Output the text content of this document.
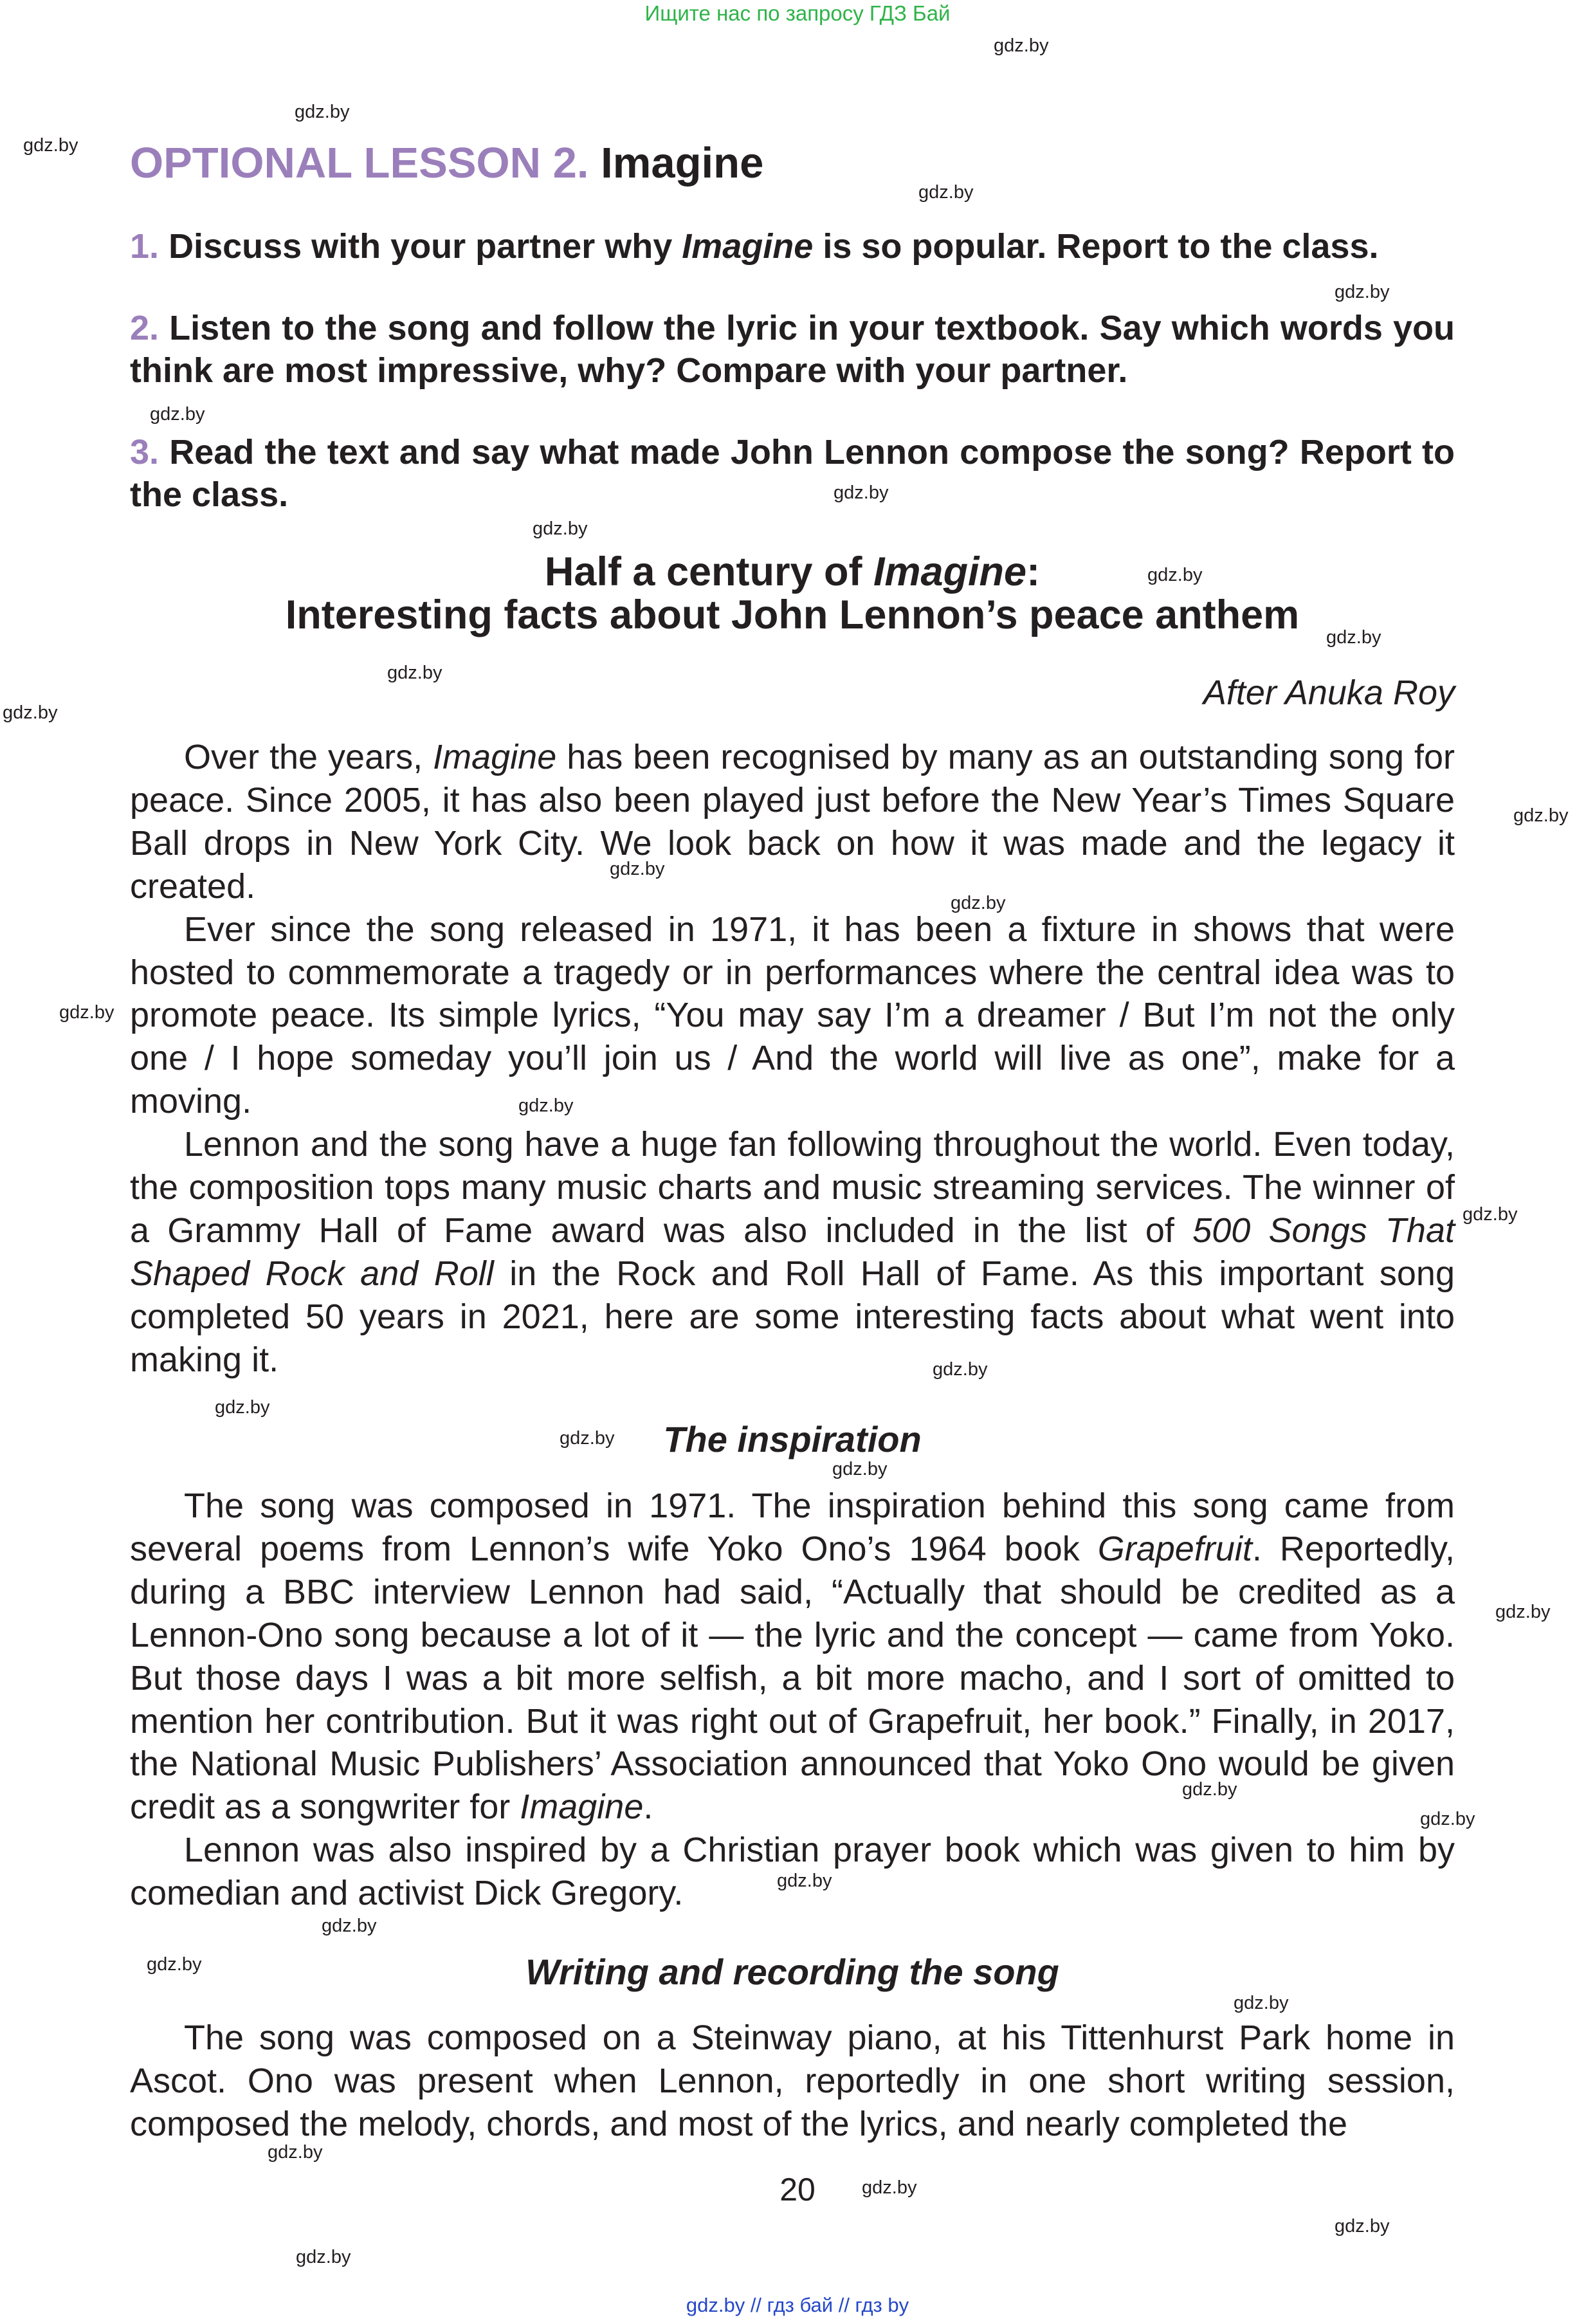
Ищите нас по запросу ГДЗ Бай
gdz.by
gdz.by
gdz.by
gdz.by
gdz.by
gdz.by
gdz.by
gdz.by
gdz.by
gdz.by
gdz.by
gdz.by
gdz.by
gdz.by
gdz.by
gdz.by
gdz.by
gdz.by
gdz.by
gdz.by
gdz.by
gdz.by
gdz.by
gdz.by
gdz.by
gdz.by
gdz.by
gdz.by
gdz.by
gdz.by
gdz.by
gdz.by
gdz.by
OPTIONAL LESSON 2. Imagine
1. Discuss with your partner why Imagine is so popular. Report to the class.
2. Listen to the song and follow the lyric in your textbook. Say which words you think are most impressive, why? Compare with your partner.
3. Read the text and say what made John Lennon compose the song? Report to the class.
Half a century of Imagine:
Interesting facts about John Lennon’s peace anthem
After Anuka Roy

Over the years, Imagine has been recognised by many as an outstanding song for peace. Since 2005, it has also been played just before the New Year’s Times Square Ball drops in New York City. We look back on how it was made and the legacy it created.

Ever since the song released in 1971, it has been a fixture in shows that were hosted to commemorate a tragedy or in performances where the central idea was to promote peace. Its simple lyrics, “You may say I’m a dreamer / But I’m not the only one / I hope someday you’ll join us / And the world will live as one”, make for a moving.

Lennon and the song have a huge fan following throughout the world. Even today, the composition tops many music charts and music streaming services. The winner of a Grammy Hall of Fame award was also included in the list of 500 Songs That Shaped Rock and Roll in the Rock and Roll Hall of Fame. As this important song completed 50 years in 2021, here are some interesting facts about what went into making it.

The inspiration

The song was composed in 1971. The inspiration behind this song came from several poems from Lennon’s wife Yoko Ono’s 1964 book Grapefruit. Reportedly, during a BBC interview Lennon had said, “Actually that should be credited as a Lennon-Ono song because a lot of it — the lyric and the concept — came from Yoko. But those days I was a bit more selfish, a bit more macho, and I sort of omitted to mention her contribution. But it was right out of Grapefruit, her book.” Finally, in 2017, the National Music Publishers’ Association announced that Yoko Ono would be given credit as a songwriter for Imagine.

Lennon was also inspired by a Christian prayer book which was given to him by comedian and activist Dick Gregory.

Writing and recording the song

The song was composed on a Steinway piano, at his Tittenhurst Park home in Ascot. Ono was present when Lennon, reportedly in one short writing session, composed the melody, chords, and most of the lyrics, and nearly completed the

20
gdz.by // гдз бай // гдз by
